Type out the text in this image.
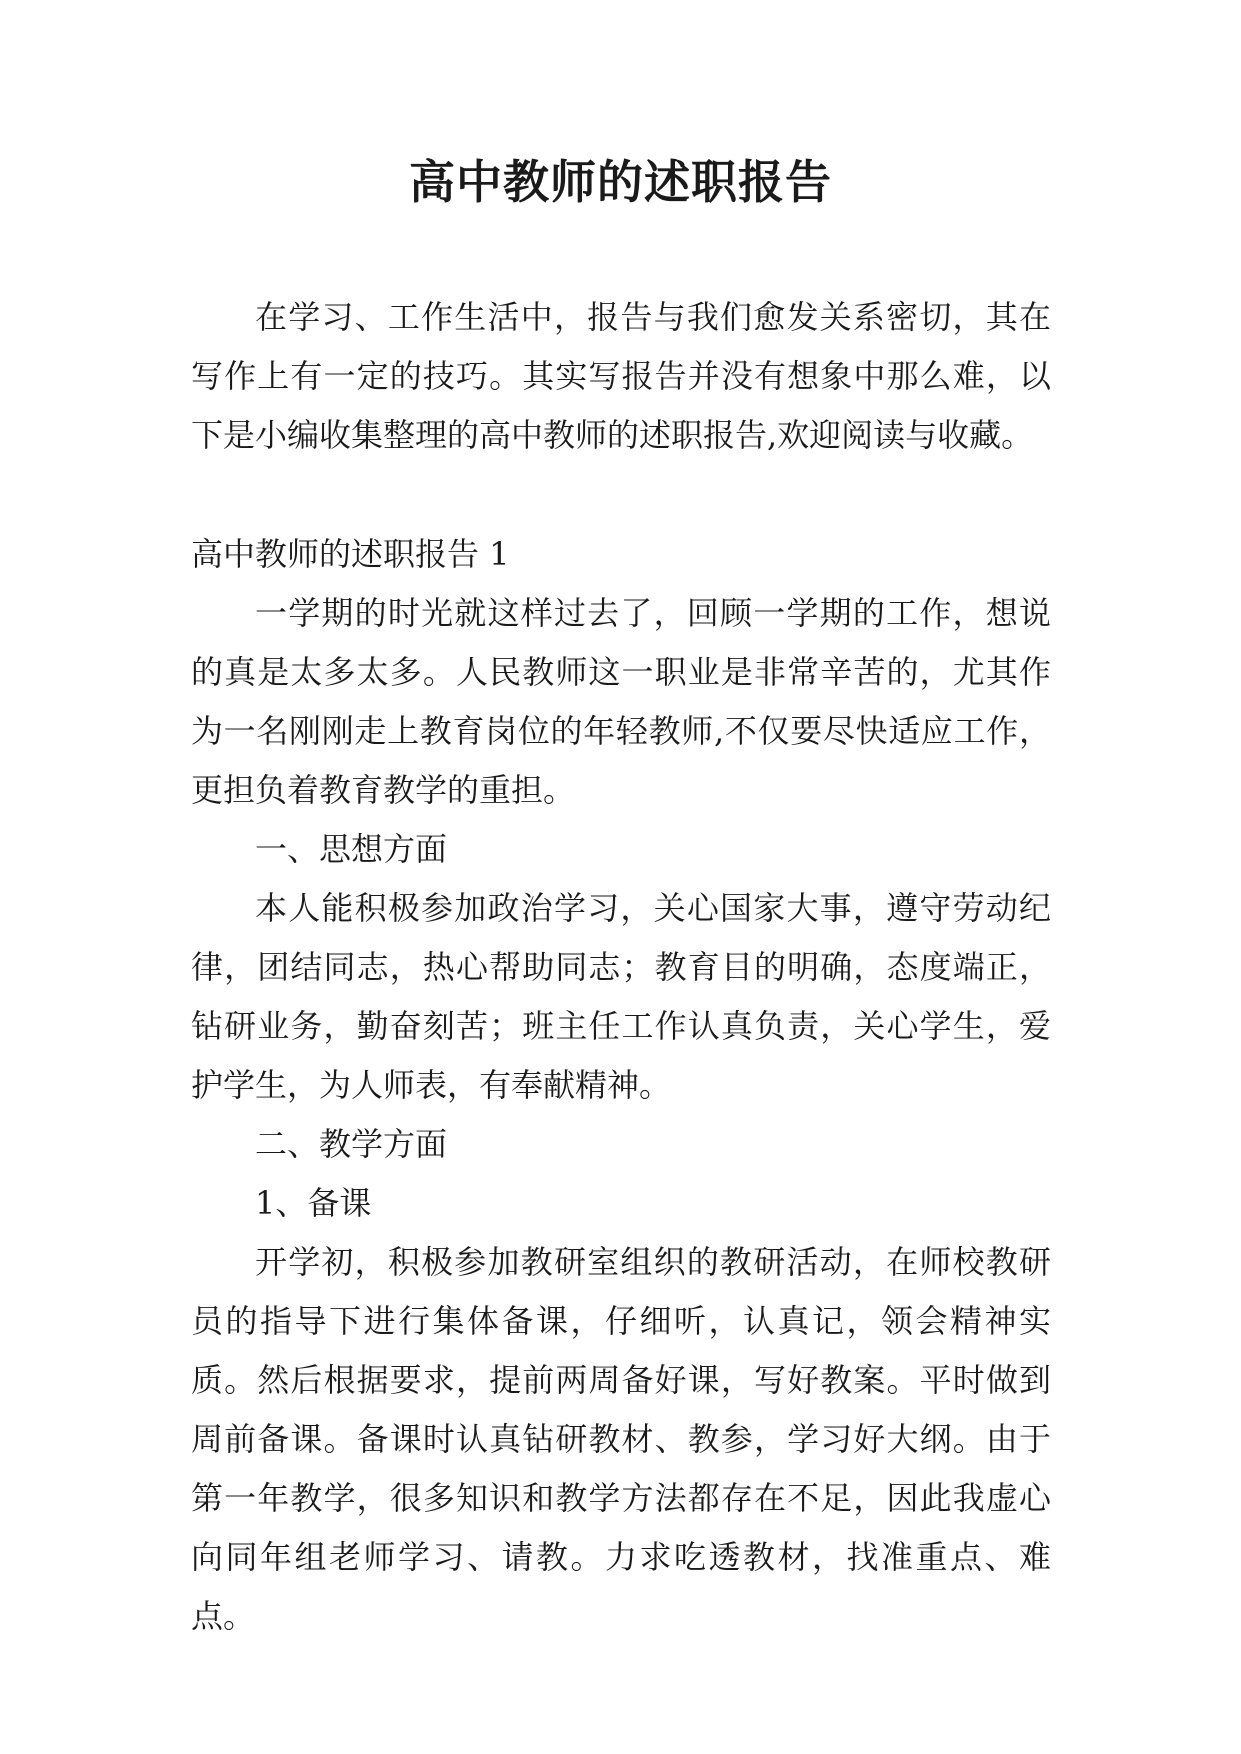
高中教师的述职报告

在学习、工作生活中，报告与我们愈发关系密切，其在写作上有一定的技巧。其实写报告并没有想象中那么难，以下是小编收集整理的高中教师的述职报告,欢迎阅读与收藏。

高中教师的述职报告 1

一学期的时光就这样过去了，回顾一学期的工作，想说的真是太多太多。人民教师这一职业是非常辛苦的，尤其作为一名刚刚走上教育岗位的年轻教师,不仅要尽快适应工作，更担负着教育教学的重担。

一、思想方面

本人能积极参加政治学习，关心国家大事，遵守劳动纪律，团结同志，热心帮助同志；教育目的明确，态度端正，钻研业务，勤奋刻苦；班主任工作认真负责，关心学生，爱护学生，为人师表，有奉献精神。

二、教学方面

1、备课

开学初，积极参加教研室组织的教研活动，在师校教研员的指导下进行集体备课，仔细听，认真记，领会精神实质。然后根据要求，提前两周备好课，写好教案。平时做到周前备课。备课时认真钻研教材、教参，学习好大纲。由于第一年教学，很多知识和教学方法都存在不足，因此我虚心向同年组老师学习、请教。力求吃透教材，找准重点、难点。
